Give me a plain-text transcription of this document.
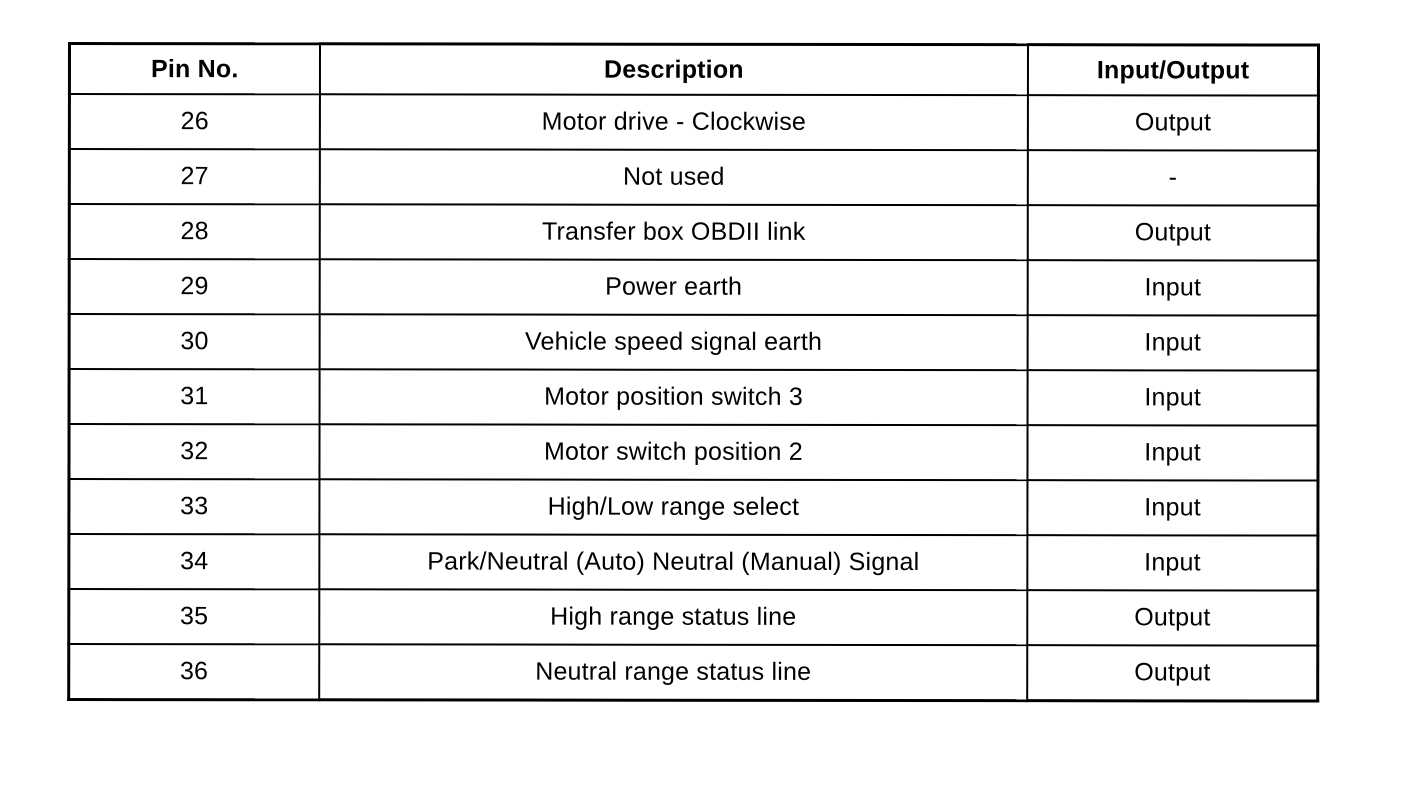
Pin No.	Description	Input/Output
26	Motor drive - Clockwise	Output
27	Not used	-
28	Transfer box OBDII link	Output
29	Power earth	Input
30	Vehicle speed signal earth	Input
31	Motor position switch 3	Input
32	Motor switch position 2	Input
33	High/Low range select	Input
34	Park/Neutral (Auto) Neutral (Manual) Signal	Input
35	High range status line	Output
36	Neutral range status line	Output
